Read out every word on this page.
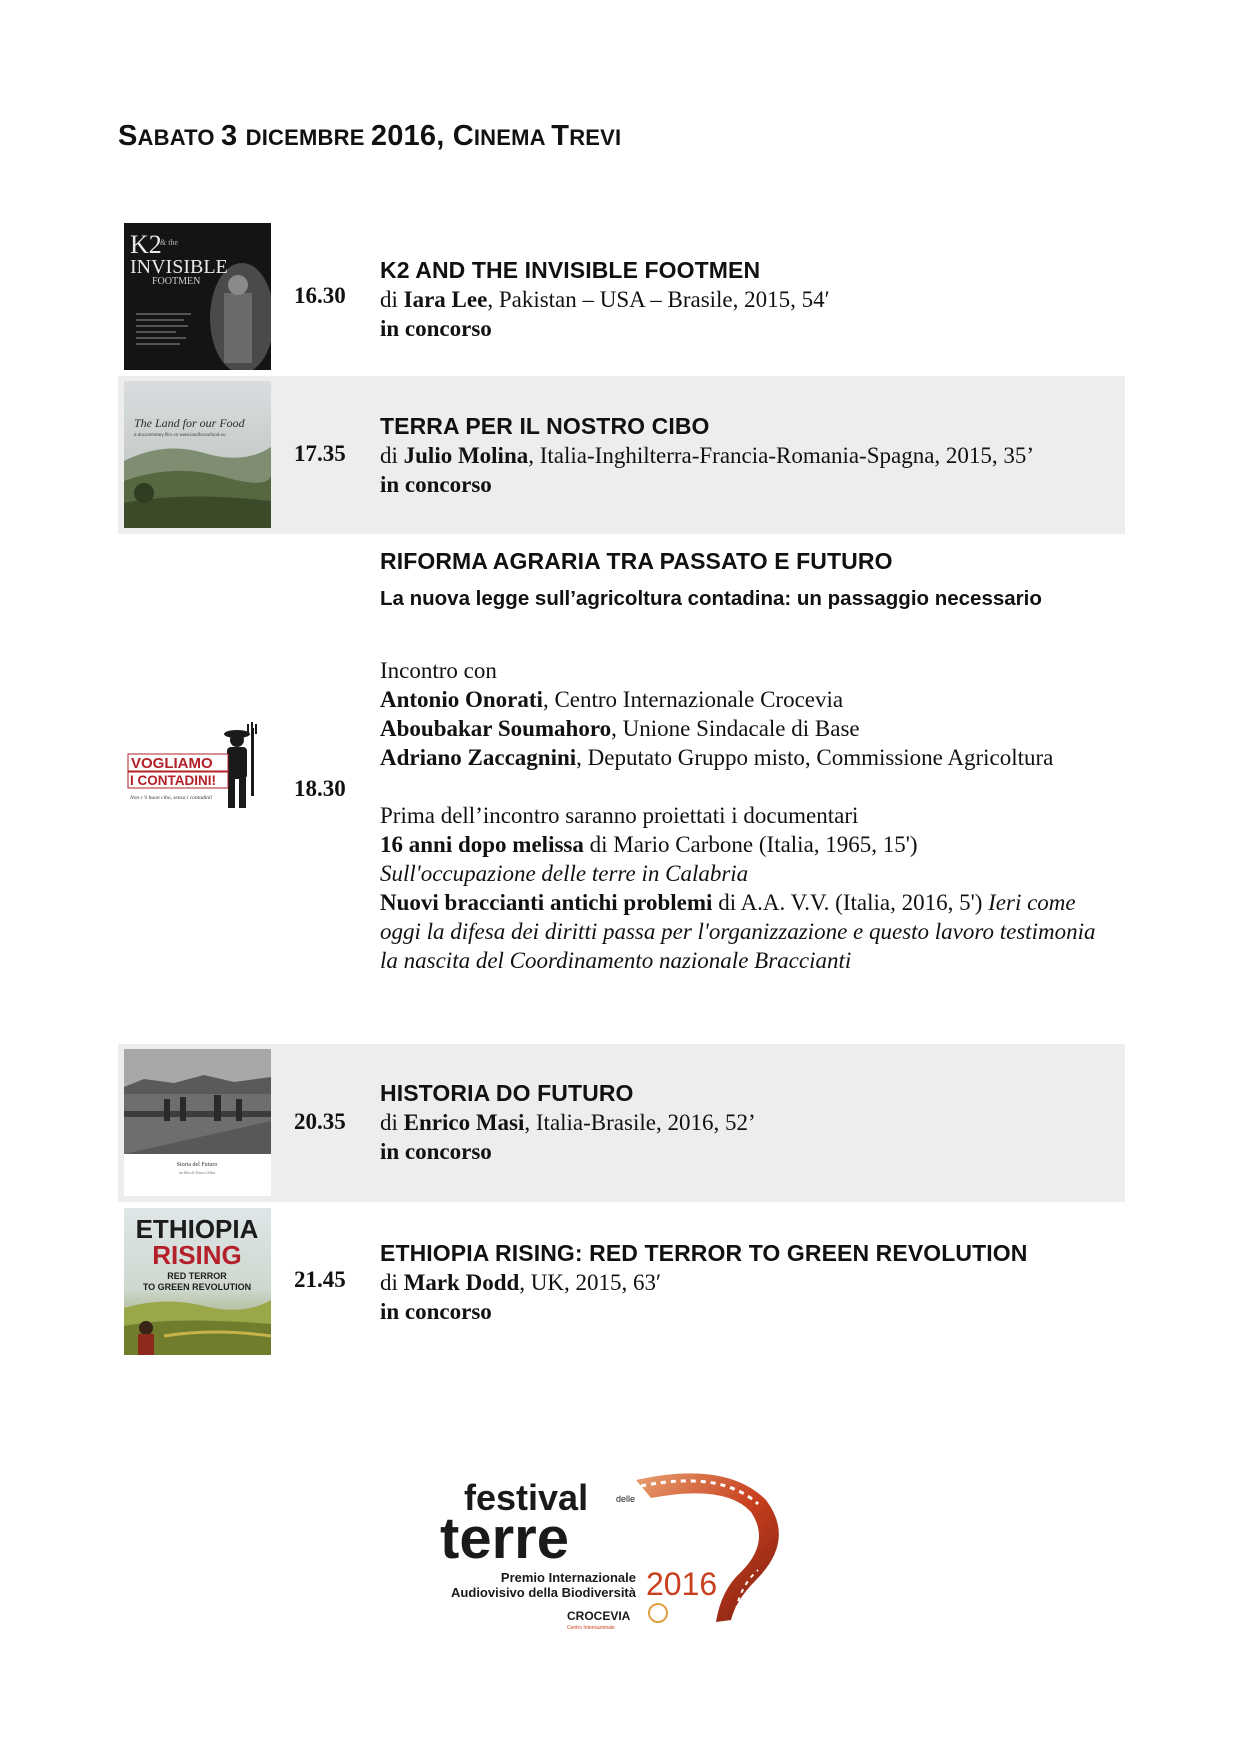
SABATO 3 DICEMBRE 2016, CINEMA TREVI
K2
& the
INVISIBLE
FOOTMEN
16.30
K2 AND THE INVISIBLE FOOTMEN
di Iara Lee, Pakistan – USA – Brasile, 2015, 54′
in concorso
The Land for our Food
a documentary film on www.landforourfood.eu
17.35
TERRA PER IL NOSTRO CIBO
di Julio Molina, Italia-Inghilterra-Francia-Romania-Spagna, 2015, 35’
in concorso
VOGLIAMO
I CONTADINI!
Non c’è buon cibo, senza i contadini!	18.30
RIFORMA AGRARIA TRA PASSATO E FUTURO
La nuova legge sull’agricoltura contadina: un passaggio necessario
Incontro con
Antonio Onorati, Centro Internazionale Crocevia
Aboubakar Soumahoro, Unione Sindacale di Base
Adriano Zaccagnini, Deputato Gruppo misto, Commissione Agricoltura
Prima dell’incontro saranno proiettati i documentari
16 anni dopo melissa di Mario Carbone (Italia, 1965, 15')
Sull'occupazione delle terre in Calabria
Nuovi braccianti antichi problemi di A.A. V.V. (Italia, 2016, 5') Ieri come oggi la difesa dei diritti passa per l'organizzazione e questo lavoro testimonia la nascita del Coordinamento nazionale Braccianti
Storia del Futuro
un film di Enrico Masi
20.35
HISTORIA DO FUTURO
di Enrico Masi, Italia-Brasile, 2016, 52’
in concorso
ETHIOPIA
RISING
RED TERROR
TO GREEN REVOLUTION 21.45
ETHIOPIA RISING: RED TERROR TO GREEN REVOLUTION
di Mark Dodd, UK, 2015, 63′
in concorso
festival	delle
terre
Premio Internazionale
Audiovisivo della Biodiversità 2016
CROCEVIA
Centro Internazionale
